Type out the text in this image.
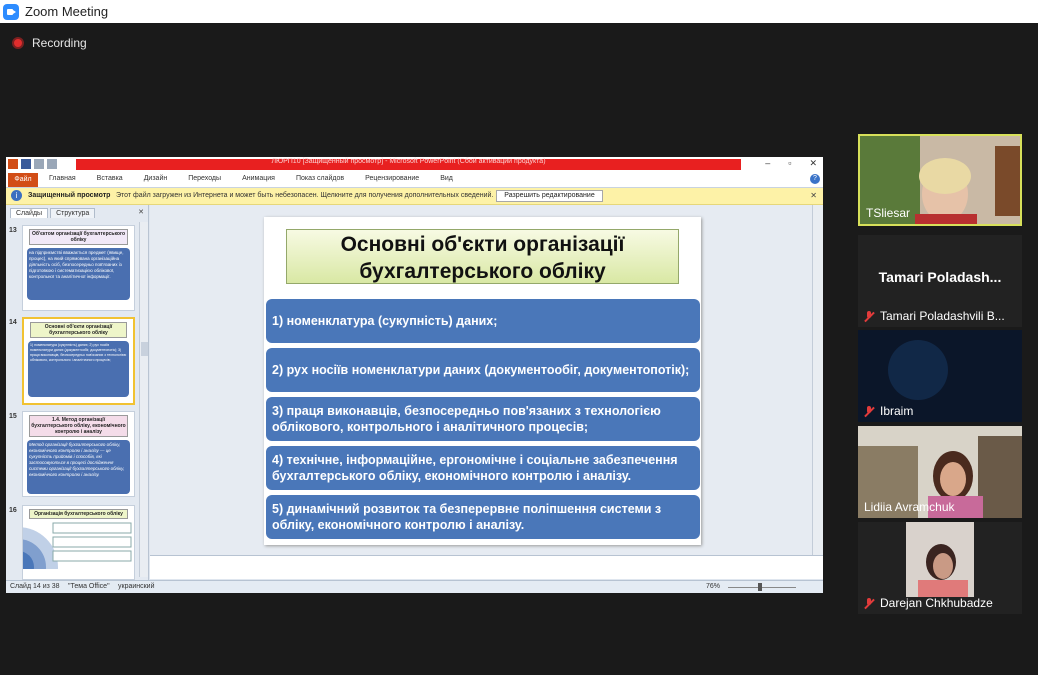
Zoom Meeting
Recording
ЛЮРП10 [Защищенный просмотр] - Microsoft PowerPoint (Сбой активации продукта)	– ▫ ✕
Файл	Главная	Вставка	Дизайн	Переходы	Анимация	Показ слайдов	Рецензирование	Вид	?
i	Защищенный просмотр Этот файл загружен из Интернета и может быть небезопасен. Щелкните для получения дополнительных сведений.	Разрешить редактирование	✕
Слайды	Структура	✕
13	Об'єктом організації бухгалтерського обліку
на підприємстві вважається предмет (явище, процес), на який спрямована організаційна діяльність осіб, безпосередньо пов'язаних із підготовкою і систематизацією облікової, контрольної та аналітичної інформації.
14
Основні об'єкти організації бухгалтерського обліку
1) номенклатура (сукупність) даних; 2) рух носіїв номенклатури даних (документообіг, документопотік); 3) праця виконавців, безпосередньо пов'язаних з технологією облікового, контрольного і аналітичного процесів;
15	1.4. Метод організації бухгалтерського обліку, економічного контролю і аналізу
Метод організації бухгалтерського обліку, економічного контролю і аналізу — це сукупність прийомів і способів, які застосовуються в процесі дослідження системи організації бухгалтерського обліку, економічного контролю і аналізу.
16	Організація бухгалтерського обліку
Основні об'єкти організації
бухгалтерського обліку
1) номенклатура (сукупність) даних;
2) рух носіїв номенклатури даних (документообіг, документопотік);
3) праця виконавців, безпосередньо пов'язаних з технологією облікового, контрольного і аналітичного процесів;
4) технічне, інформаційне, ергономічне і соціальне забезпечення бухгалтерського обліку, економічного контролю і аналізу.
5) динамічний розвиток та безперервне поліпшення системи з обліку, економічного контролю і аналізу.
Слайд 14 из 38 "Тема Office" украинский	76%
TSliesar
Tamari Poladash...
Tamari Poladashvili B...
Ibraim
Lidiia Avramchuk
Darejan Chkhubadze
